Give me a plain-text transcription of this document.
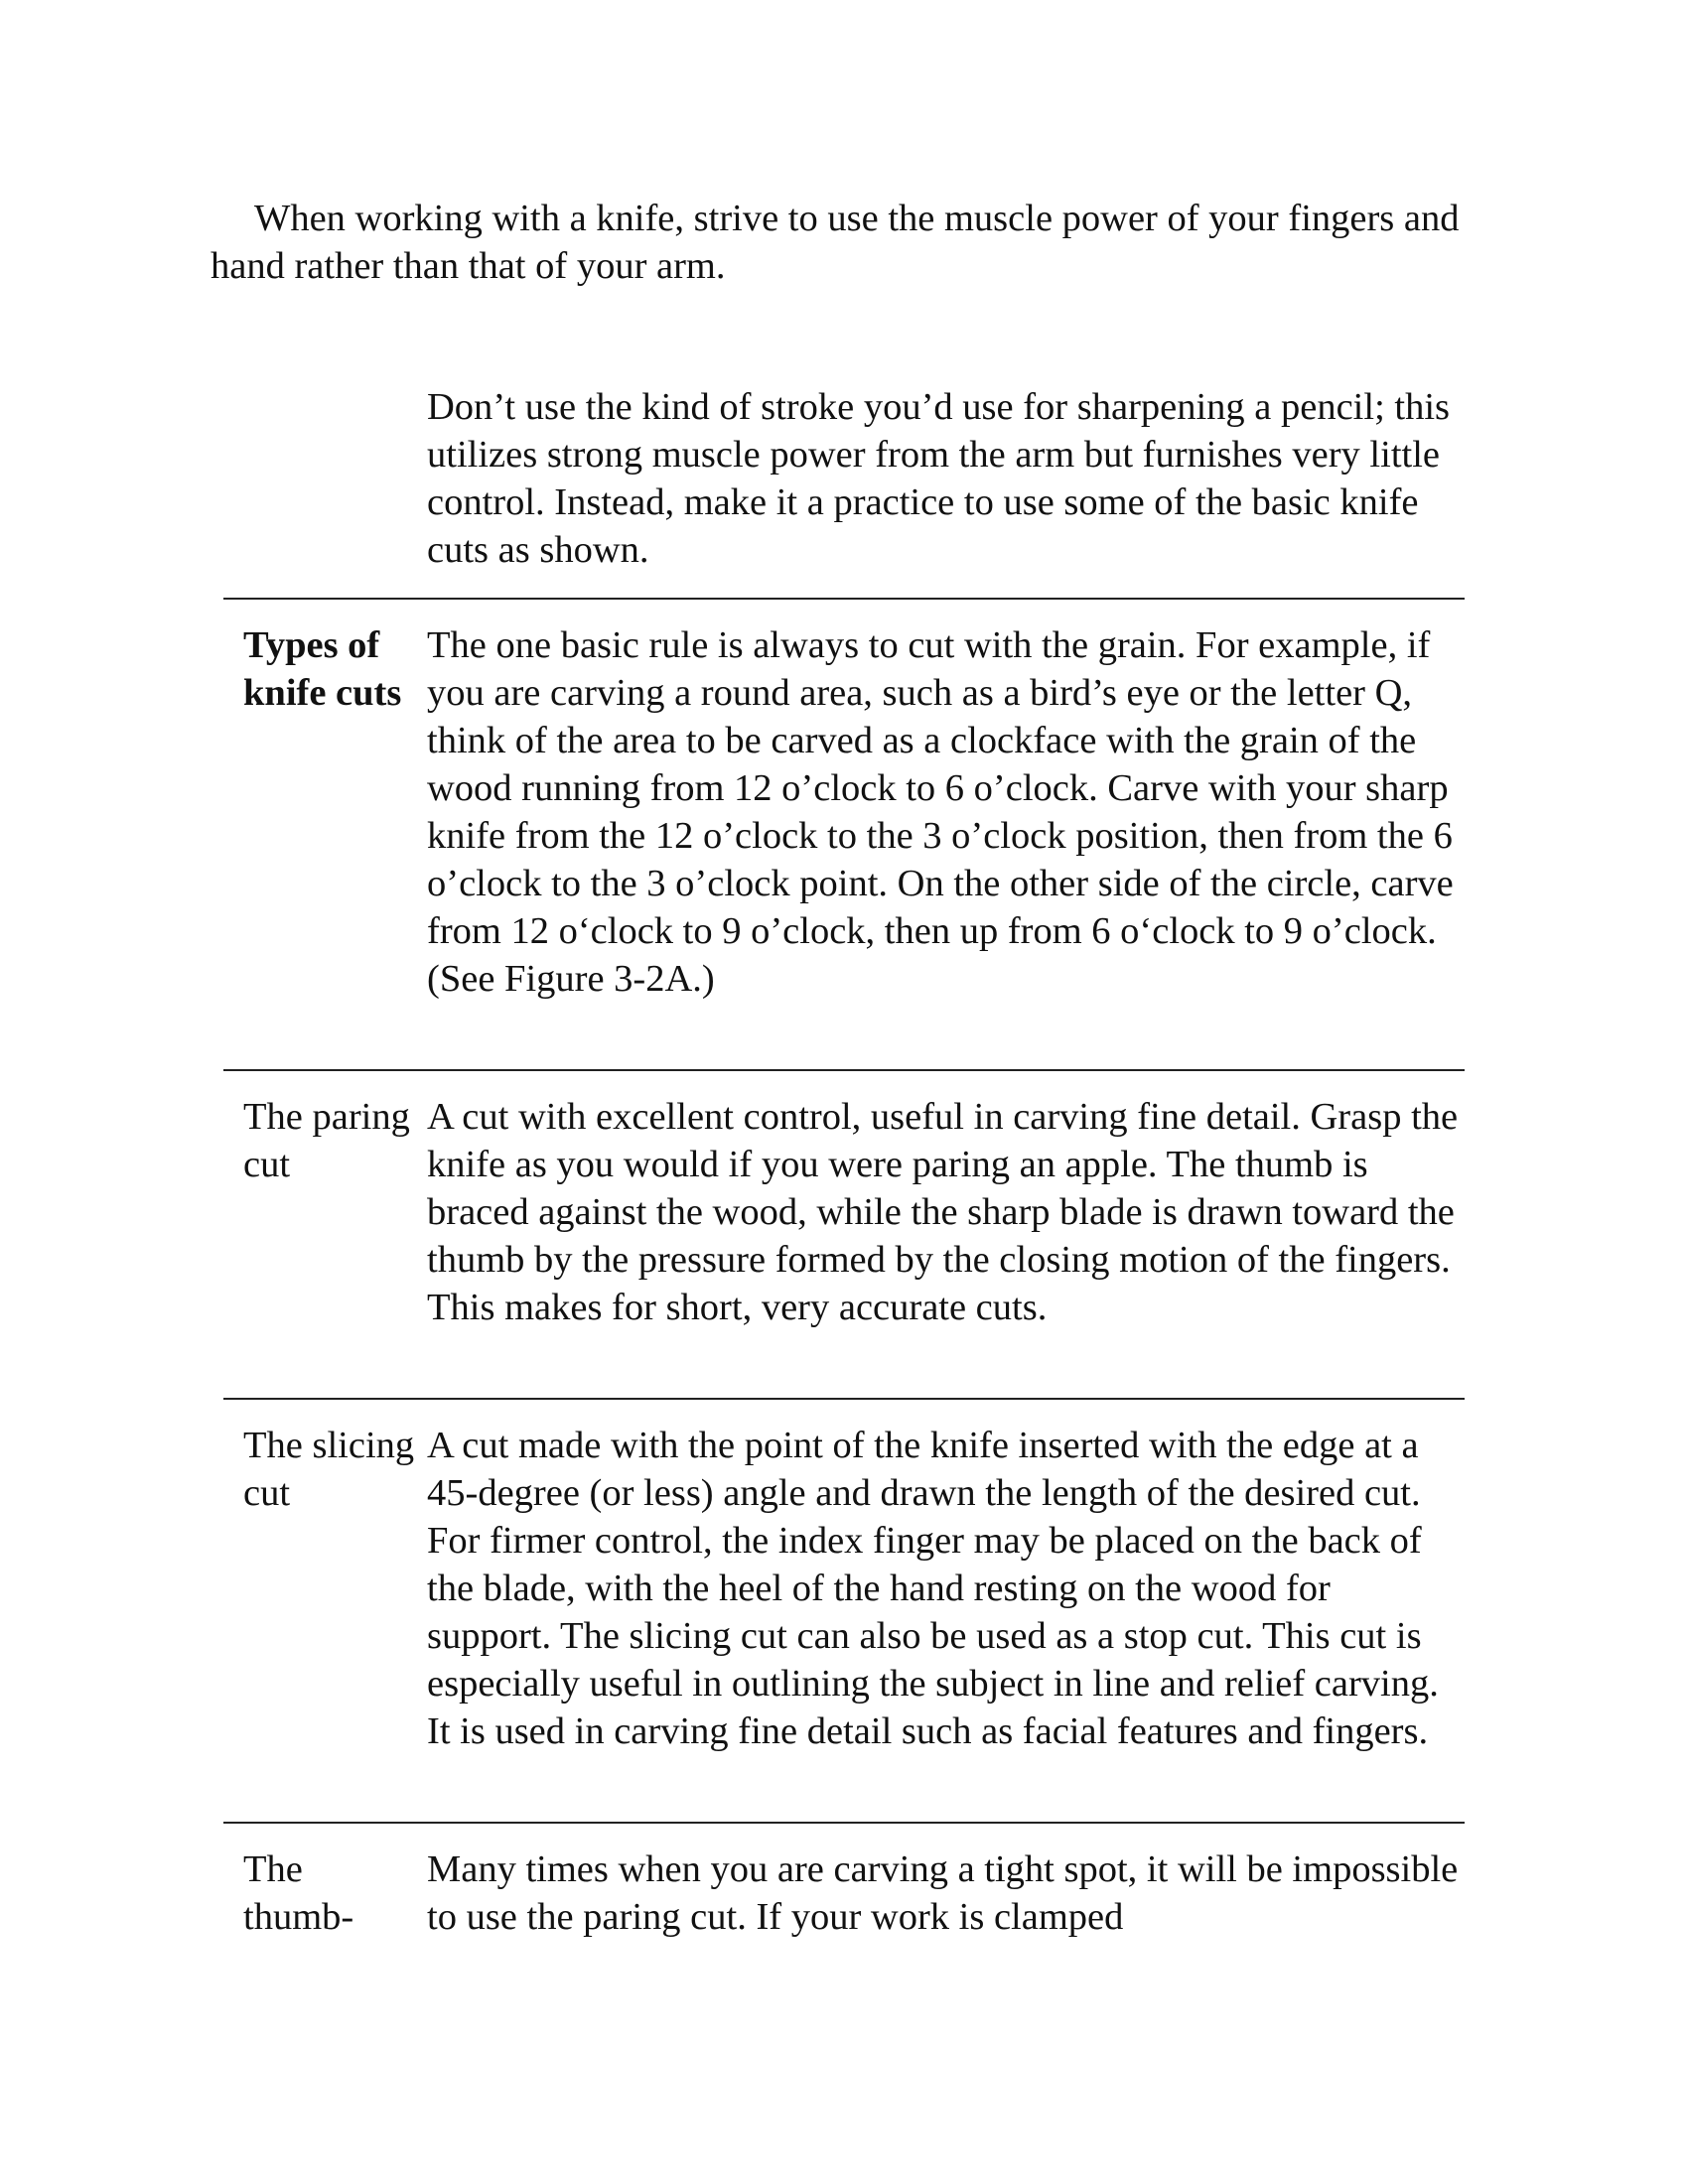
When working with a knife, strive to use the muscle power of your fingers and hand rather than that of your arm.

Don’t use the kind of stroke you’d use for sharpening a pencil; this utilizes strong muscle power from the arm but furnishes very little control. Instead, make it a practice to use some of the basic knife cuts as shown.

Types of knife cuts

The one basic rule is always to cut with the grain. For example, if you are carving a round area, such as a bird’s eye or the letter Q, think of the area to be carved as a clockface with the grain of the wood running from 12 o’clock to 6 o’clock. Carve with your sharp knife from the 12 o’clock to the 3 o’clock position, then from the 6 o’clock to the 3 o’clock point. On the other side of the circle, carve from 12 o‘clock to 9 o’clock, then up from 6 o‘clock to 9 o’clock. (See Figure 3-2A.)

The paring cut

A cut with excellent control, useful in carving fine detail. Grasp the knife as you would if you were paring an apple. The thumb is braced against the wood, while the sharp blade is drawn toward the thumb by the pressure formed by the closing motion of the fingers. This makes for short, very accurate cuts.

The slicing cut

A cut made with the point of the knife inserted with the edge at a 45-degree (or less) angle and drawn the length of the desired cut. For firmer control, the index finger may be placed on the back of the blade, with the heel of the hand resting on the wood for support. The slicing cut can also be used as a stop cut. This cut is especially useful in outlining the subject in line and relief carving. It is used in carving fine detail such as facial features and fingers.

The thumb-

Many times when you are carving a tight spot, it will be impossible to use the paring cut. If your work is clamped
